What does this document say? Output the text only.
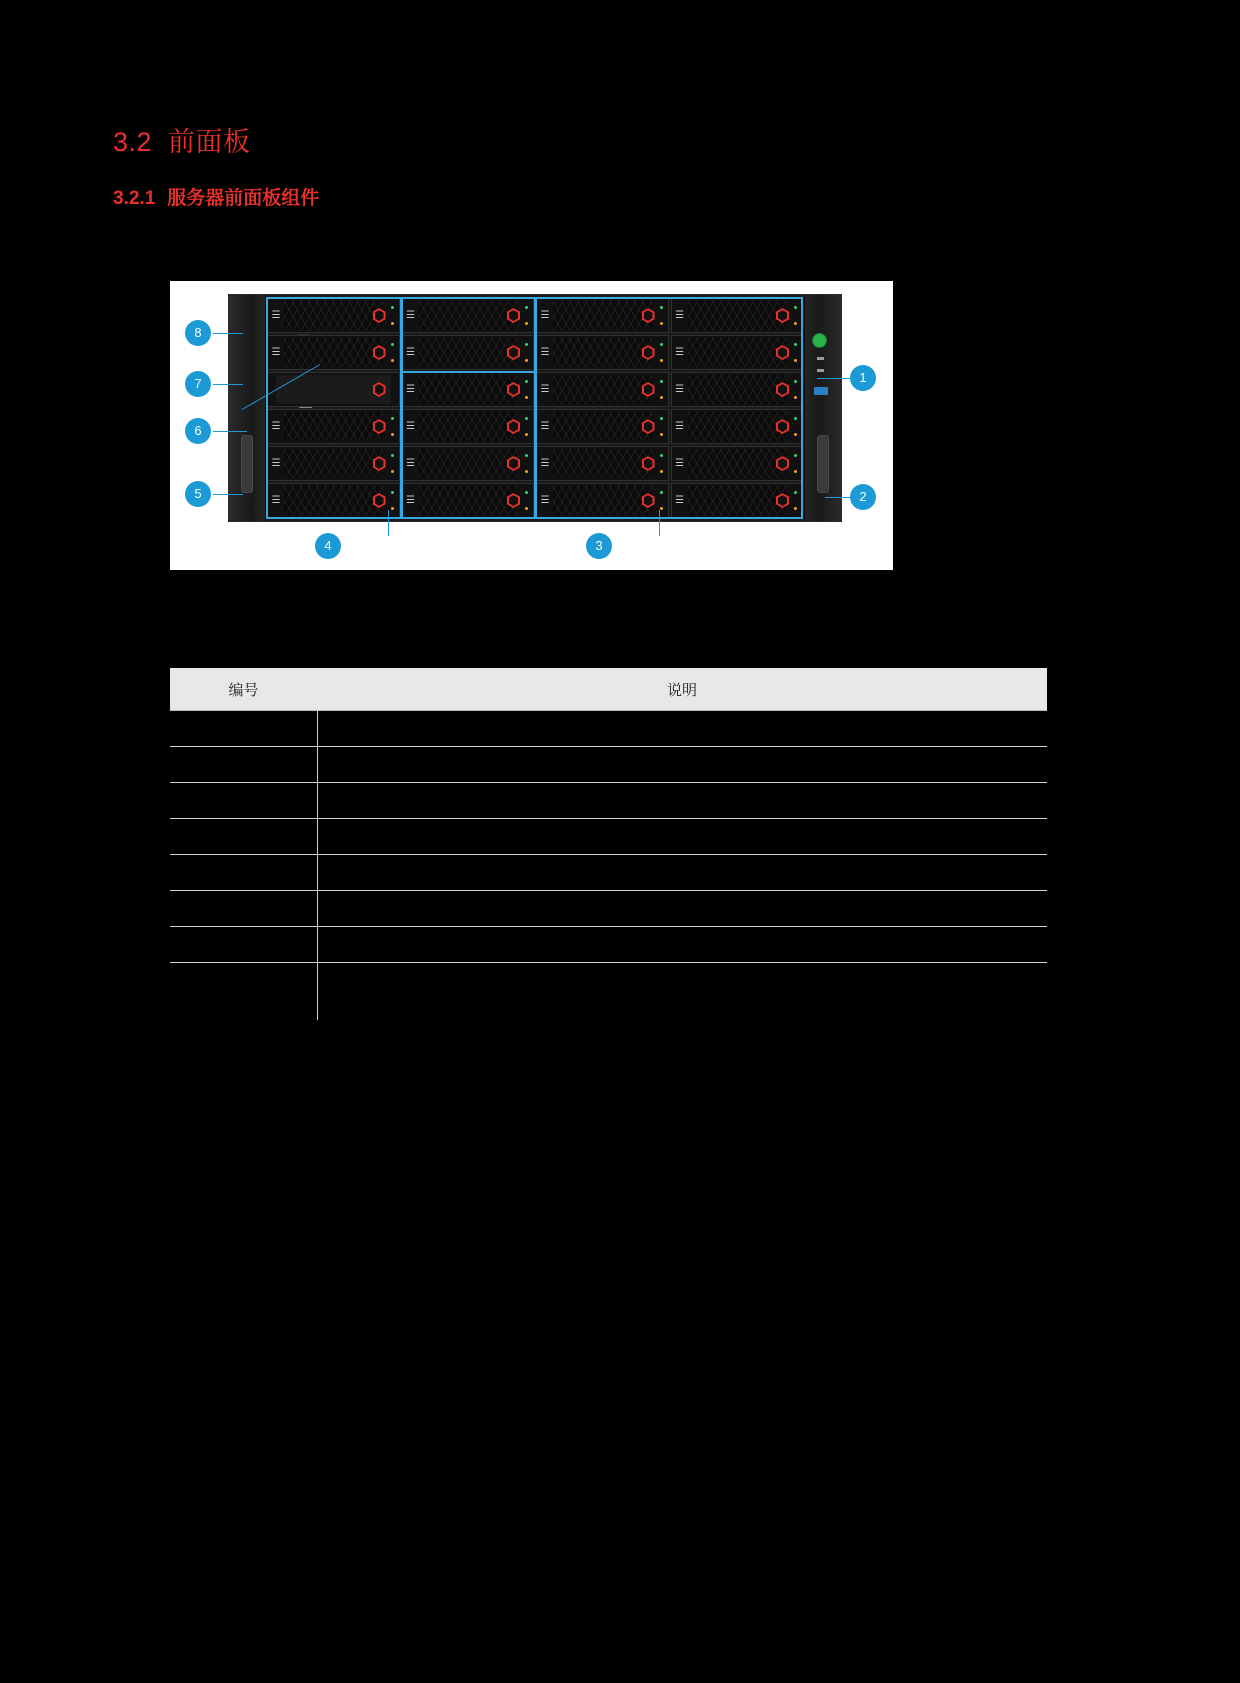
3.2 前面板
3.2.1 服务器前面板组件
☰	☰	☰	☰
☰	☰	☰	☰
☰	☰	☰
☰	☰	☰	☰
☰	☰	☰	☰
☰	☰	☰	☰
1
2
3
4
5
6
7
8
编号	说明
